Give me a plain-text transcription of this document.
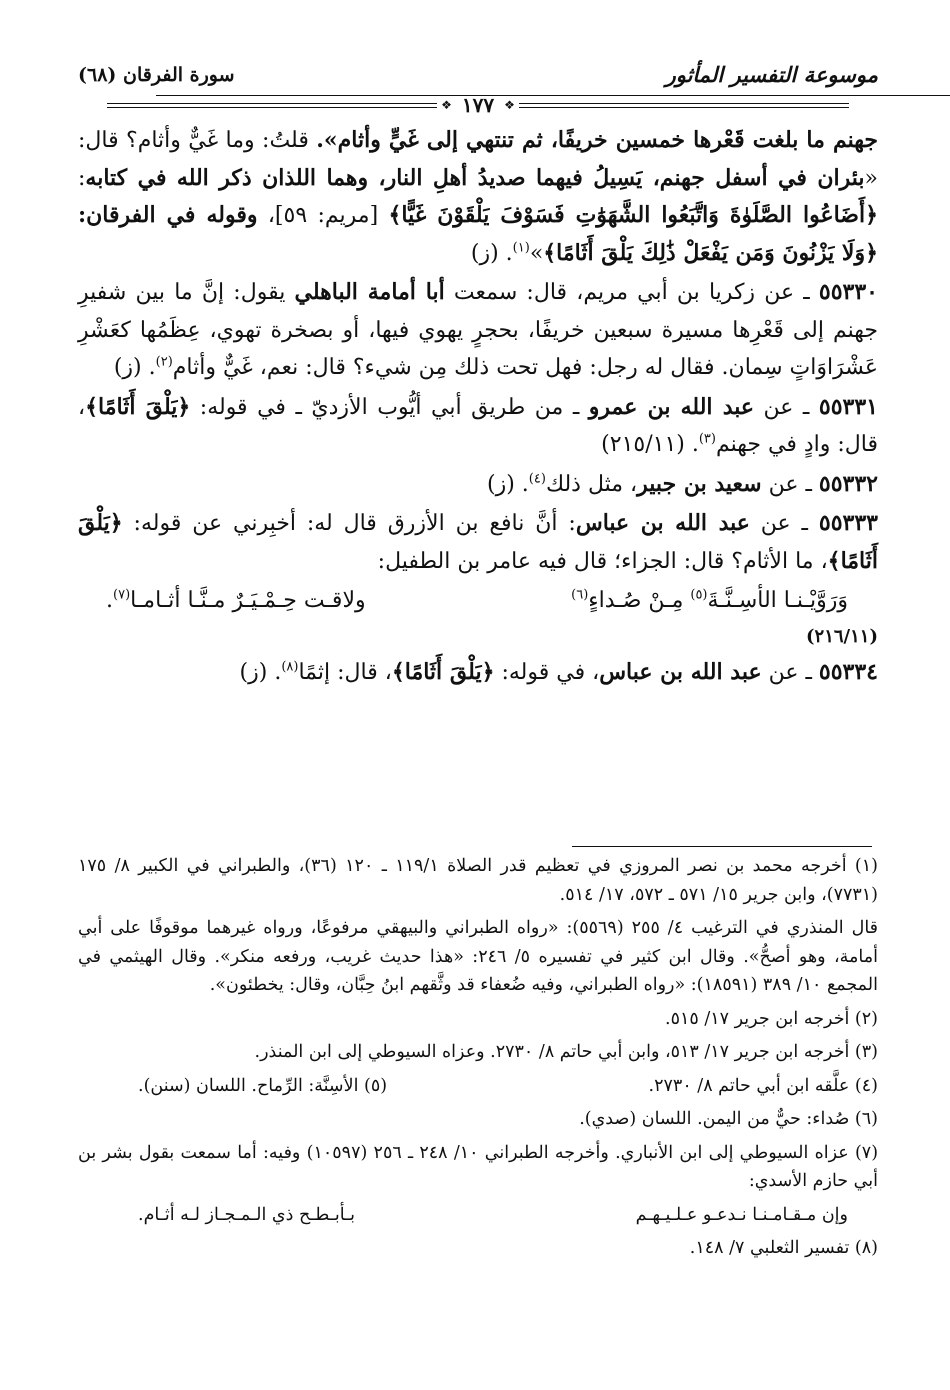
موسوعة التفسير المأثور
سورة الفرقان (٦٨)
❖
١٧٧
❖

جهنم ما بلغت قَعْرها خمسين خريفًا، ثم تنتهي إلى غَيٍّ وأثام». قلتُ: وما غَيٌّ وأثام؟ قال: «بئران في أسفل جهنم، يَسِيلُ فيهما صديدُ أهلِ النار، وهما اللذان ذكر الله في كتابه: ﴿أَضَاعُوا الصَّلَوٰةَ وَاتَّبَعُوا الشَّهَوَٰتِ فَسَوْفَ يَلْقَوْنَ غَيًّا﴾ [مريم: ٥٩]، وقوله في الفرقان: ﴿وَلَا يَزْنُونَ وَمَن يَفْعَلْ ذَٰلِكَ يَلْقَ أَثَامًا﴾»$^{(١)}$. (ز)

٥٥٣٣٠ ـ عن زكريا بن أبي مريم، قال: سمعت أبا أمامة الباهلي يقول: إنَّ ما بين شفيرِ جهنم إلى قَعْرِها مسيرة سبعين خريفًا، بحجرٍ يهوي فيها، أو بصخرة تهوي، عِظَمُها كعَشْرِ عَشْرَاوَاتٍ سِمان. فقال له رجل: فهل تحت ذلك مِن شيء؟ قال: نعم، غَيٌّ وأثام$^{(٢)}$. (ز)

٥٥٣٣١ ـ عن عبد الله بن عمرو ـ من طريق أبي أيُّوب الأزديّ ـ في قوله: ﴿يَلْقَ أَثَامًا﴾، قال: وادٍ في جهنم$^{(٣)}$. (٢١٥/١١)

٥٥٣٣٢ ـ عن سعيد بن جبير، مثل ذلك$^{(٤)}$. (ز)

٥٥٣٣٣ ـ عن عبد الله بن عباس: أنَّ نافع بن الأزرق قال له: أخبِرني عن قوله: ﴿يَلْقَ أَثَامًا﴾، ما الأثام؟ قال: الجزاء؛ قال فيه عامر بن الطفيل:

وَرَوَّيْـنـا الأسِـنَّـةَ$^{(٥)}$ مِـنْ صُـداءٍ$^{(٦)}$
ولاقـت حِـمْـيَـرٌ مـنَّـا أثـامـا$^{(٧)}$.
(٢١٦/١١)

٥٥٣٣٤ ـ عن عبد الله بن عباس، في قوله: ﴿يَلْقَ أَثَامًا﴾، قال: إثمًا$^{(٨)}$. (ز)

(١) أخرجه محمد بن نصر المروزي في تعظيم قدر الصلاة ١١٩/١ ـ ١٢٠ (٣٦)، والطبراني في الكبير ٨/ ١٧٥ (٧٧٣١)، وابن جرير ١٥/ ٥٧١ ـ ٥٧٢، ١٧/ ٥١٤.

قال المنذري في الترغيب ٤/ ٢٥٥ (٥٥٦٩): «رواه الطبراني والبيهقي مرفوعًا، ورواه غيرهما موقوفًا على أبي أمامة، وهو أصحُّ». وقال ابن كثير في تفسيره ٥/ ٢٤٦: «هذا حديث غريب، ورفعه منكر». وقال الهيثمي في المجمع ١٠/ ٣٨٩ (١٨٥٩١): «رواه الطبراني، وفيه ضُعفاء قد وثَّقهم ابنُ حِبَّان، وقال: يخطئون».

(٢) أخرجه ابن جرير ١٧/ ٥١٥.

(٣) أخرجه ابن جرير ١٧/ ٥١٣، وابن أبي حاتم ٨/ ٢٧٣٠. وعزاه السيوطي إلى ابن المنذر.

(٤) علَّقه ابن أبي حاتم ٨/ ٢٧٣٠.
(٥) الأسِنَّة: الرِّماح. اللسان (سنن).

(٦) صُداء: حيٌّ من اليمن. اللسان (صدي).

(٧) عزاه السيوطي إلى ابن الأنباري. وأخرجه الطبراني ١٠/ ٢٤٨ ـ ٢٥٦ (١٠٥٩٧) وفيه: أما سمعت بقول بشر بن أبي حازم الأسدي:

وإن مـقـامـنـا نـدعـو عـلـيـهـم
بـأبـطـح ذي الـمـجـاز لـه أثـام.

(٨) تفسير الثعلبي ٧/ ١٤٨.
